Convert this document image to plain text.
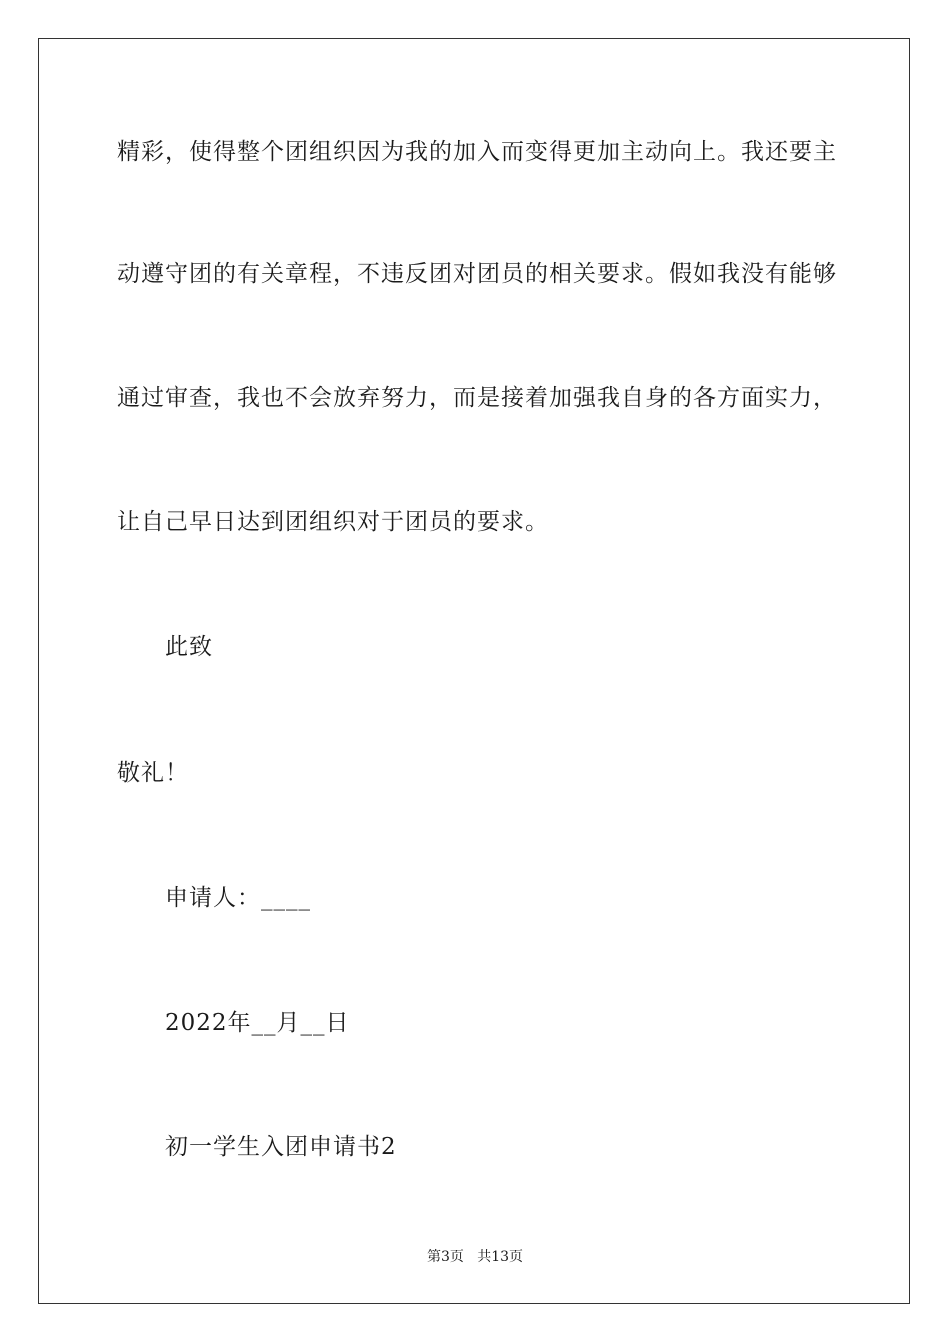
精彩，使得整个团组织因为我的加入而变得更加主动向上。我还要主
动遵守团的有关章程，不违反团对团员的相关要求。假如我没有能够
通过审查，我也不会放弃努力，而是接着加强我自身的各方面实力，
让自己早日达到团组织对于团员的要求。
此致
敬礼！
申请人：____
2022年__月__日
初一学生入团申请书2
第3页   共13页
